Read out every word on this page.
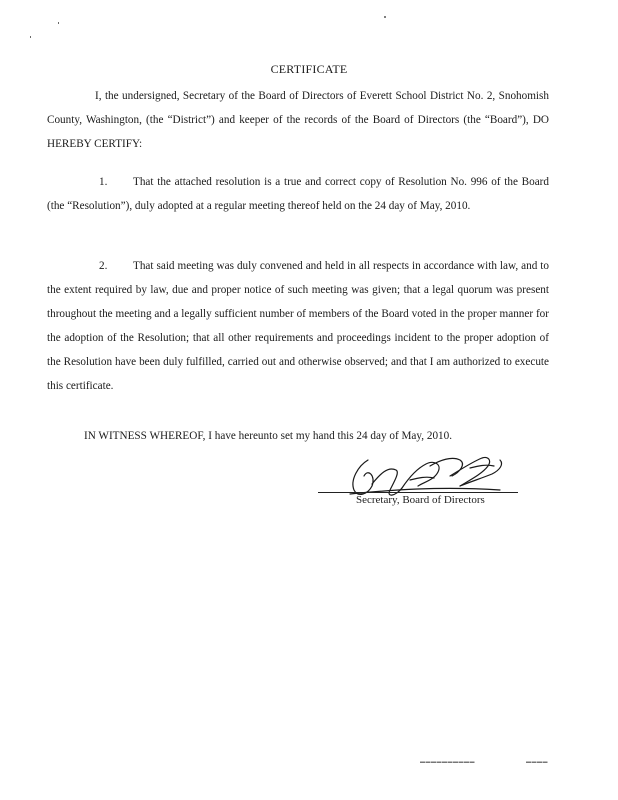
CERTIFICATE

I, the undersigned, Secretary of the Board of Directors of Everett School District No. 2, Snohomish County, Washington, (the “District”) and keeper of the records of the Board of Directors (the “Board”), DO HEREBY CERTIFY:

1. That the attached resolution is a true and correct copy of Resolution No. 996 of the Board (the “Resolution”), duly adopted at a regular meeting thereof held on the 24 day of May, 2010.

2. That said meeting was duly convened and held in all respects in accordance with law, and to the extent required by law, due and proper notice of such meeting was given; that a legal quorum was present throughout the meeting and a legally sufficient number of members of the Board voted in the proper manner for the adoption of the Resolution; that all other requirements and proceedings incident to the proper adoption of the Resolution have been duly fulfilled, carried out and otherwise observed; and that I am authorized to execute this certificate.

IN WITNESS WHEREOF, I have hereunto set my hand this 24 day of May, 2010.

Secretary, Board of Directors
▬▬▬▬▬▬▬▬▬▬	▬▬▬▬
